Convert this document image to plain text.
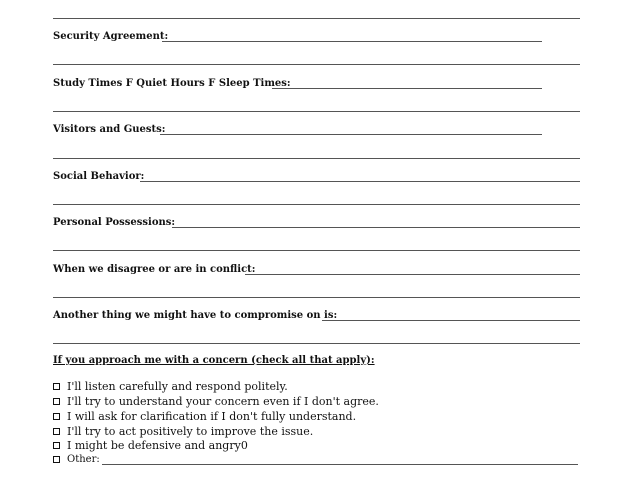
Security Agreement:
Study Times F Quiet Hours F Sleep Times:
Visitors and Guests:
Social Behavior:
Personal Possessions:
When we disagree or are in conflict:
Another thing we might have to compromise on is:
If you approach me with a concern (check all that apply):
I'll listen carefully and respond politely.
I'll try to understand your concern even if I don't agree.
I will ask for clarification if I don't fully understand.
I'll try to act positively to improve the issue.
I might be defensive and angry0
Other:
